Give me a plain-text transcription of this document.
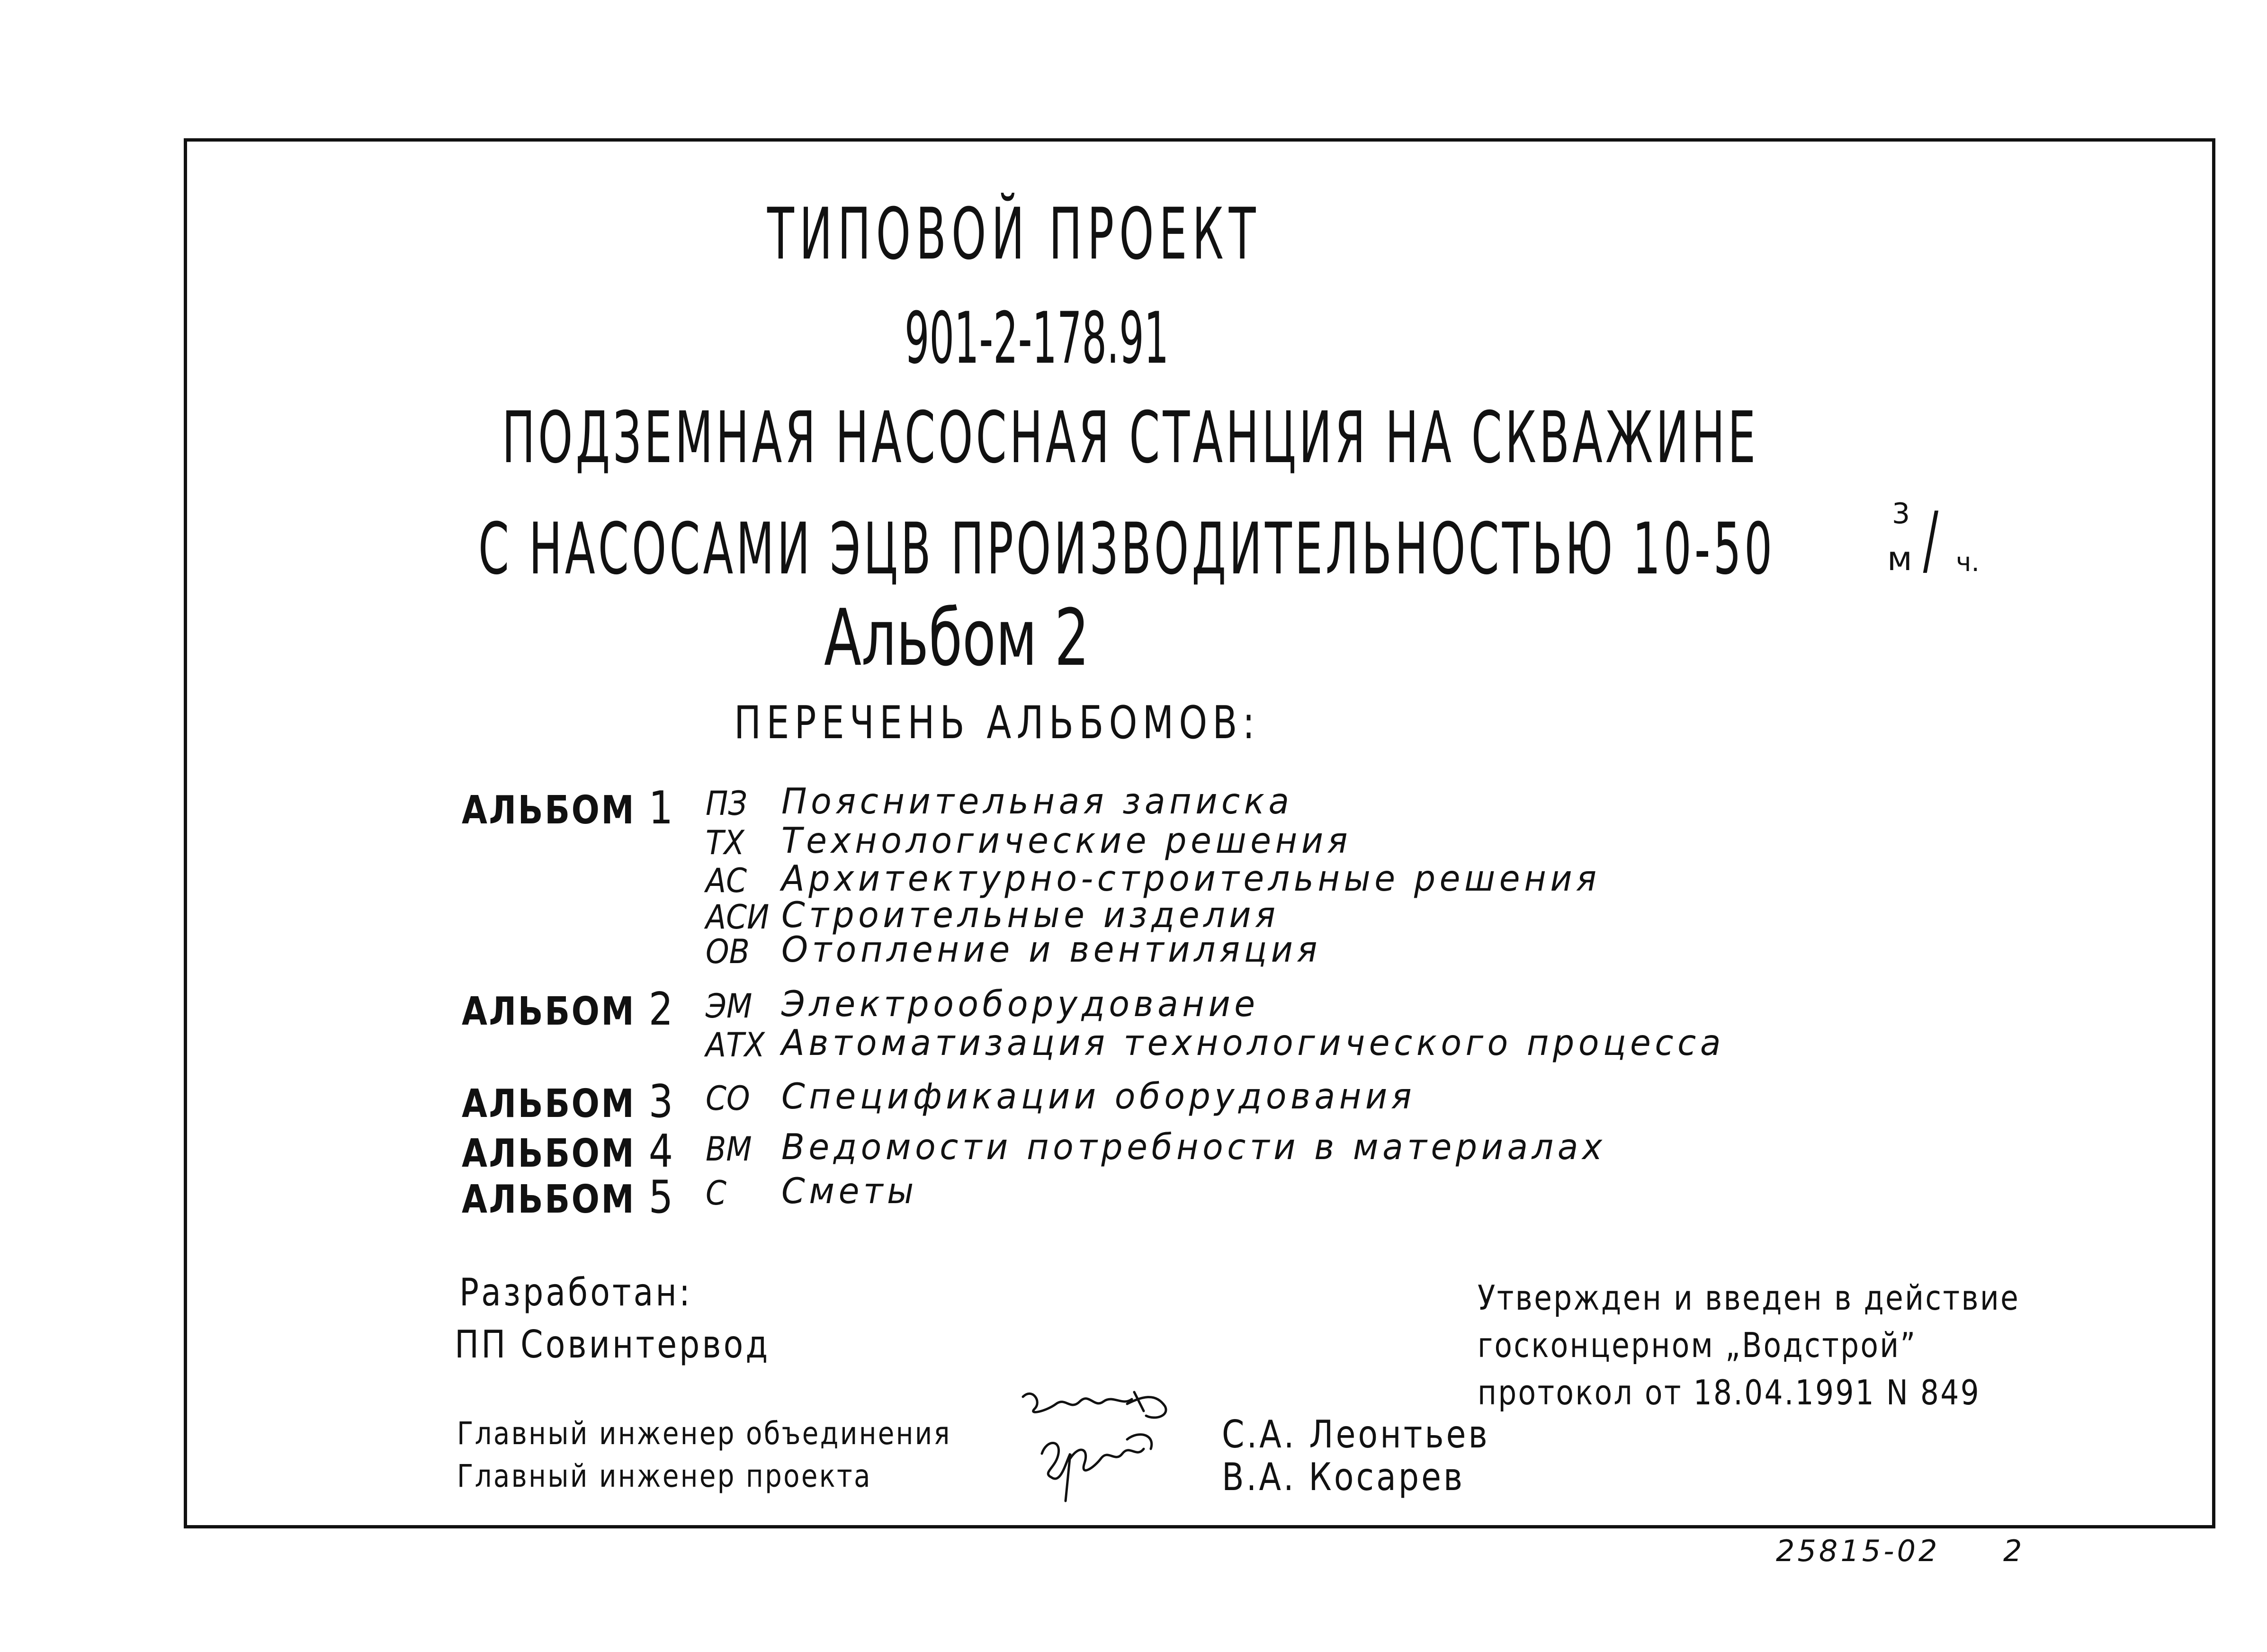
ТИПОВОЙ ПРОЕКТ
901-2-178.91
ПОДЗЕМНАЯ НАСОСНАЯ СТАНЦИЯ НА СКВАЖИНЕ
С НАСОСАМИ ЭЦВ ПРОИЗВОДИТЕЛЬНОСТЬЮ 10-50	м
3 / ч.
Альбом 2
ПЕРЕЧЕНЬ АЛЬБОМОВ:
АЛЬБОМ 1 ПЗ Пояснительная записка
ТХ Технологические решения
АС Архитектурно-строительные решения
АСИ Строительные изделия
ОВ Отопление и вентиляция
АЛЬБОМ 2 ЭМ Электрооборудование
АТХ Автоматизация технологического процесса
АЛЬБОМ 3 СО Спецификации оборудования
АЛЬБОМ 4 ВМ Ведомости потребности в материалах
АЛЬБОМ 5 С Сметы
Разработан:
ПП Совинтервод
Утвержден и введен в действие
госконцерном „Водстрой”
протокол от 18.04.1991 N 849
Главный инженер объединения
Главный инженер проекта
С.А. Леонтьев
В.А. Косарев
25815-02 2
